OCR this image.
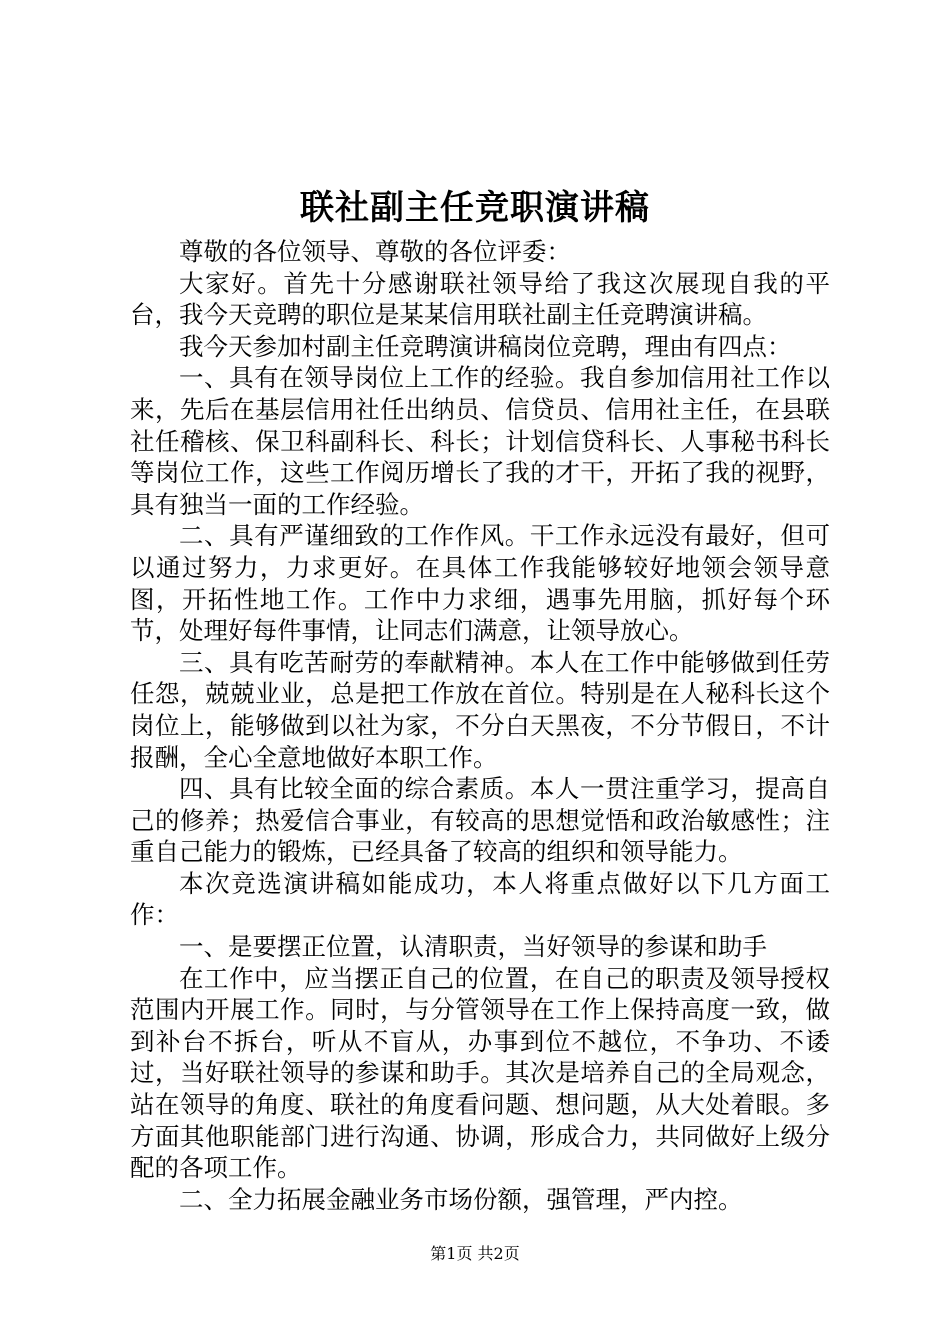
联社副主任竞职演讲稿

尊敬的各位领导、尊敬的各位评委：

大家好。首先十分感谢联社领导给了我这次展现自我的平台，我今天竞聘的职位是某某信用联社副主任竞聘演讲稿。

我今天参加村副主任竞聘演讲稿岗位竞聘，理由有四点：

一、具有在领导岗位上工作的经验。我自参加信用社工作以来，先后在基层信用社任出纳员、信贷员、信用社主任，在县联社任稽核、保卫科副科长、科长；计划信贷科长、人事秘书科长等岗位工作，这些工作阅历增长了我的才干，开拓了我的视野，具有独当一面的工作经验。

二、具有严谨细致的工作作风。干工作永远没有最好，但可以通过努力，力求更好。在具体工作我能够较好地领会领导意图，开拓性地工作。工作中力求细，遇事先用脑，抓好每个环节，处理好每件事情，让同志们满意，让领导放心。

三、具有吃苦耐劳的奉献精神。本人在工作中能够做到任劳任怨，兢兢业业，总是把工作放在首位。特别是在人秘科长这个岗位上，能够做到以社为家，不分白天黑夜，不分节假日，不计报酬，全心全意地做好本职工作。

四、具有比较全面的综合素质。本人一贯注重学习，提高自己的修养；热爱信合事业，有较高的思想觉悟和政治敏感性；注重自己能力的锻炼，已经具备了较高的组织和领导能力。

本次竞选演讲稿如能成功，本人将重点做好以下几方面工作：

一、是要摆正位置，认清职责，当好领导的参谋和助手

在工作中，应当摆正自己的位置，在自己的职责及领导授权范围内开展工作。同时，与分管领导在工作上保持高度一致，做到补台不拆台，听从不盲从，办事到位不越位，不争功、不诿过，当好联社领导的参谋和助手。其次是培养自己的全局观念，站在领导的角度、联社的角度看问题、想问题，从大处着眼。多方面其他职能部门进行沟通、协调，形成合力，共同做好上级分配的各项工作。

二、全力拓展金融业务市场份额，强管理，严内控。

第1页 共2页
